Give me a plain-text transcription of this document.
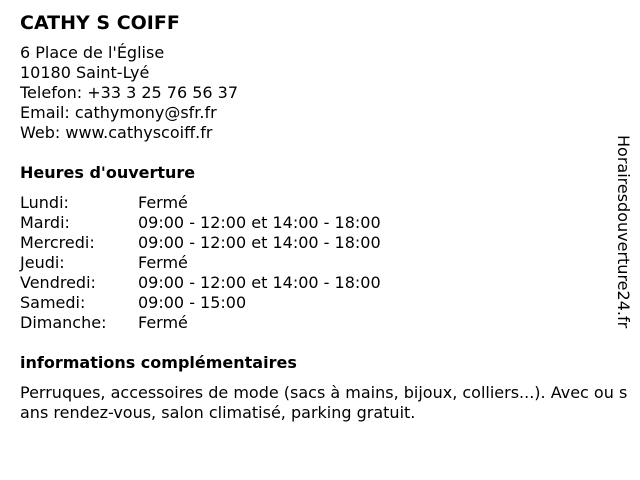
CATHY S COIFF
6 Place de l'Église
10180 Saint-Lyé
Telefon: +33 3 25 76 56 37
Email: cathymony@sfr.fr
Web: www.cathyscoiff.fr
Heures d'ouverture
Lundi:	Fermé
Mardi:	09:00 - 12:00 et 14:00 - 18:00
Mercredi:	09:00 - 12:00 et 14:00 - 18:00
Jeudi:	Fermé
Vendredi:	09:00 - 12:00 et 14:00 - 18:00
Samedi:	09:00 - 15:00
Dimanche:	Fermé
informations complémentaires
Perruques, accessoires de mode (sacs à mains, bijoux, colliers...). Avec ou sans rendez-vous, salon climatisé, parking gratuit.
Horairesdouverture24.fr
